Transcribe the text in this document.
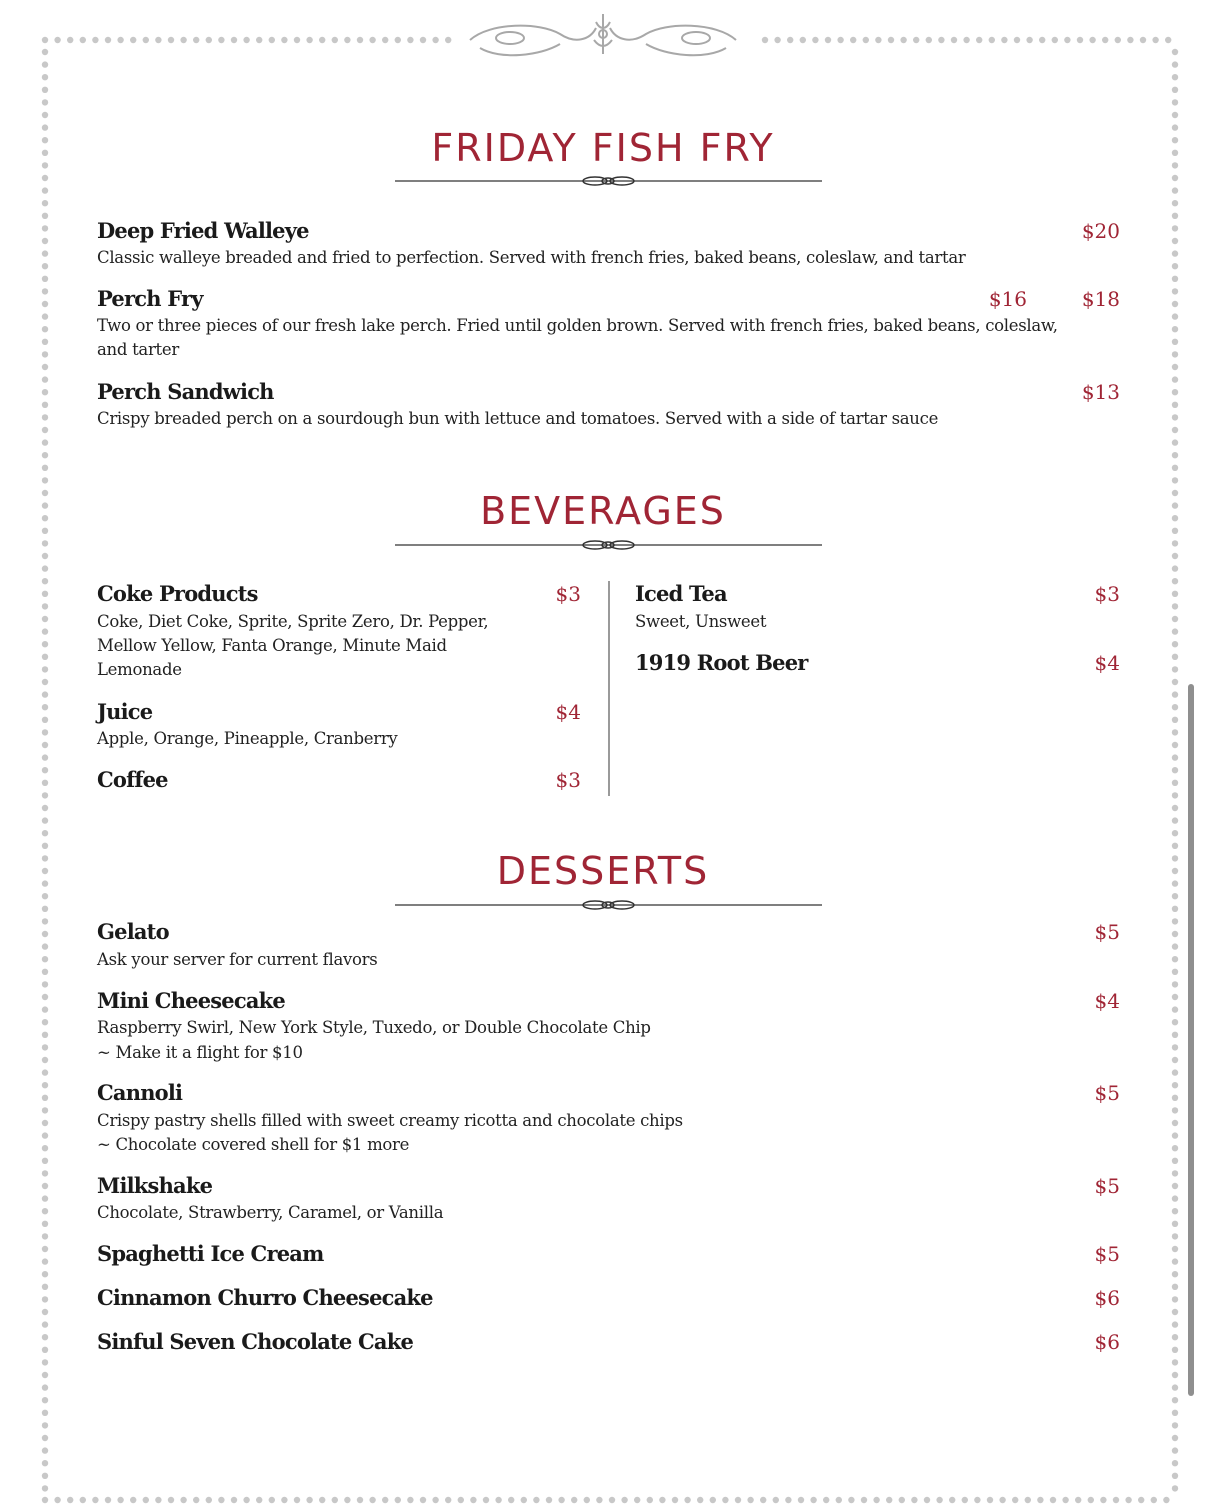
FRIDAY FISH FRY
Deep Fried Walleye	$20
Classic walleye breaded and fried to perfection. Served with french fries, baked beans, coleslaw, and tartar
Perch Fry	$16	$18
Two or three pieces of our fresh lake perch. Fried until golden brown. Served with french fries, baked beans, coleslaw, and tarter
Perch Sandwich	$13
Crispy breaded perch on a sourdough bun with lettuce and tomatoes. Served with a side of tartar sauce
BEVERAGES
Coke Products	$3
Coke, Diet Coke, Sprite, Sprite Zero, Dr. Pepper, Mellow Yellow, Fanta Orange, Minute Maid Lemonade
Juice	$4
Apple, Orange, Pineapple, Cranberry
Coffee	$3
Iced Tea	$3
Sweet, Unsweet
1919 Root Beer	$4
DESSERTS
Gelato	$5
Ask your server for current flavors
Mini Cheesecake	$4
Raspberry Swirl, New York Style, Tuxedo, or Double Chocolate Chip
~ Make it a flight for $10
Cannoli	$5
Crispy pastry shells filled with sweet creamy ricotta and chocolate chips
~ Chocolate covered shell for $1 more
Milkshake	$5
Chocolate, Strawberry, Caramel, or Vanilla
Spaghetti Ice Cream	$5
Cinnamon Churro Cheesecake	$6
Sinful Seven Chocolate Cake	$6
